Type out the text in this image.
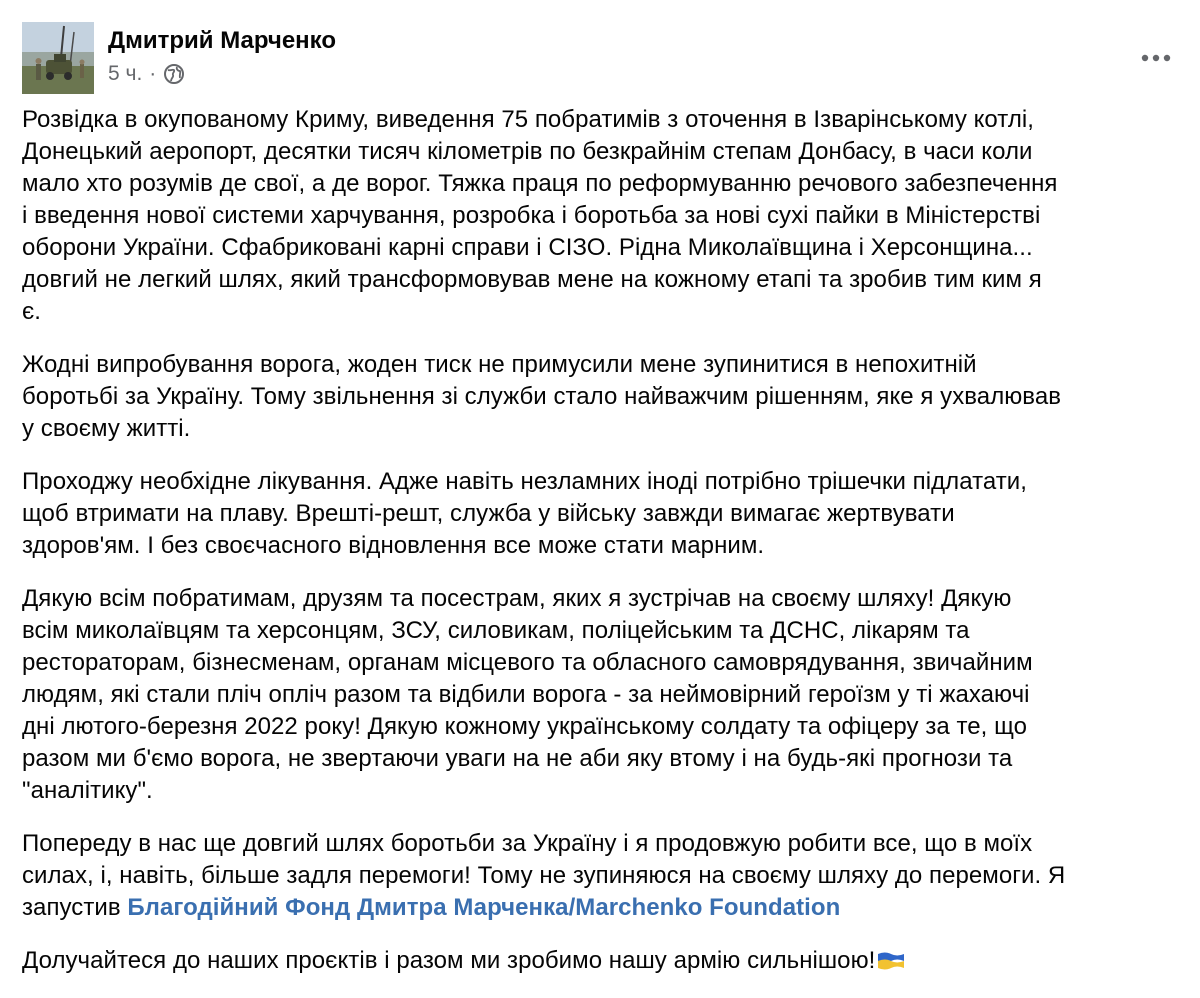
Дмитрий Марченко
5 ч. ·

Розвідка в окупованому Криму, виведення 75 побратимів з оточення в Ізварінському котлі,
Донецький аеропорт, десятки тисяч кілометрів по безкрайнім степам Донбасу, в часи коли
мало хто розумів де свої, а де ворог. Тяжка праця по реформуванню речового забезпечення
і введення нової системи харчування, розробка і боротьба за нові сухі пайки в Міністерстві
оборони України. Сфабриковані карні справи і СІЗО. Рідна Миколаївщина і Херсонщина...
довгий не легкий шлях, який трансформовував мене на кожному етапі та зробив тим ким я
є.

Жодні випробування ворога, жоден тиск не примусили мене зупинитися в непохитній
боротьбі за Україну. Тому звільнення зі служби стало найважчим рішенням, яке я ухвалював
у своєму житті.

Проходжу необхідне лікування. Адже навіть незламних іноді потрібно трішечки підлатати,
щоб втримати на плаву. Врешті-решт, служба у війську завжди вимагає жертвувати
здоров'ям. І без своєчасного відновлення все може стати марним.

Дякую всім побратимам, друзям та посестрам, яких я зустрічав на своєму шляху! Дякую
всім миколаївцям та херсонцям, ЗСУ, силовикам, поліцейським та ДСНС, лікарям та
рестораторам, бізнесменам, органам місцевого та обласного самоврядування, звичайним
людям, які стали пліч опліч разом та відбили ворога - за неймовірний героїзм у ті жахаючі
дні лютого-березня 2022 року! Дякую кожному українському солдату та офіцеру за те, що
разом ми б'ємо ворога, не звертаючи уваги на не аби яку втому і на будь-які прогнози та
"аналітику".

Попереду в нас ще довгий шлях боротьби за Україну і я продовжую робити все, що в моїх
силах, і, навіть, більше задля перемоги! Тому не зупиняюся на своєму шляху до перемоги. Я
запустив Благодійний Фонд Дмитра Марченка/Marchenko Foundation

Долучайтеся до наших проєктів і разом ми зробимо нашу армію сильнішою!
